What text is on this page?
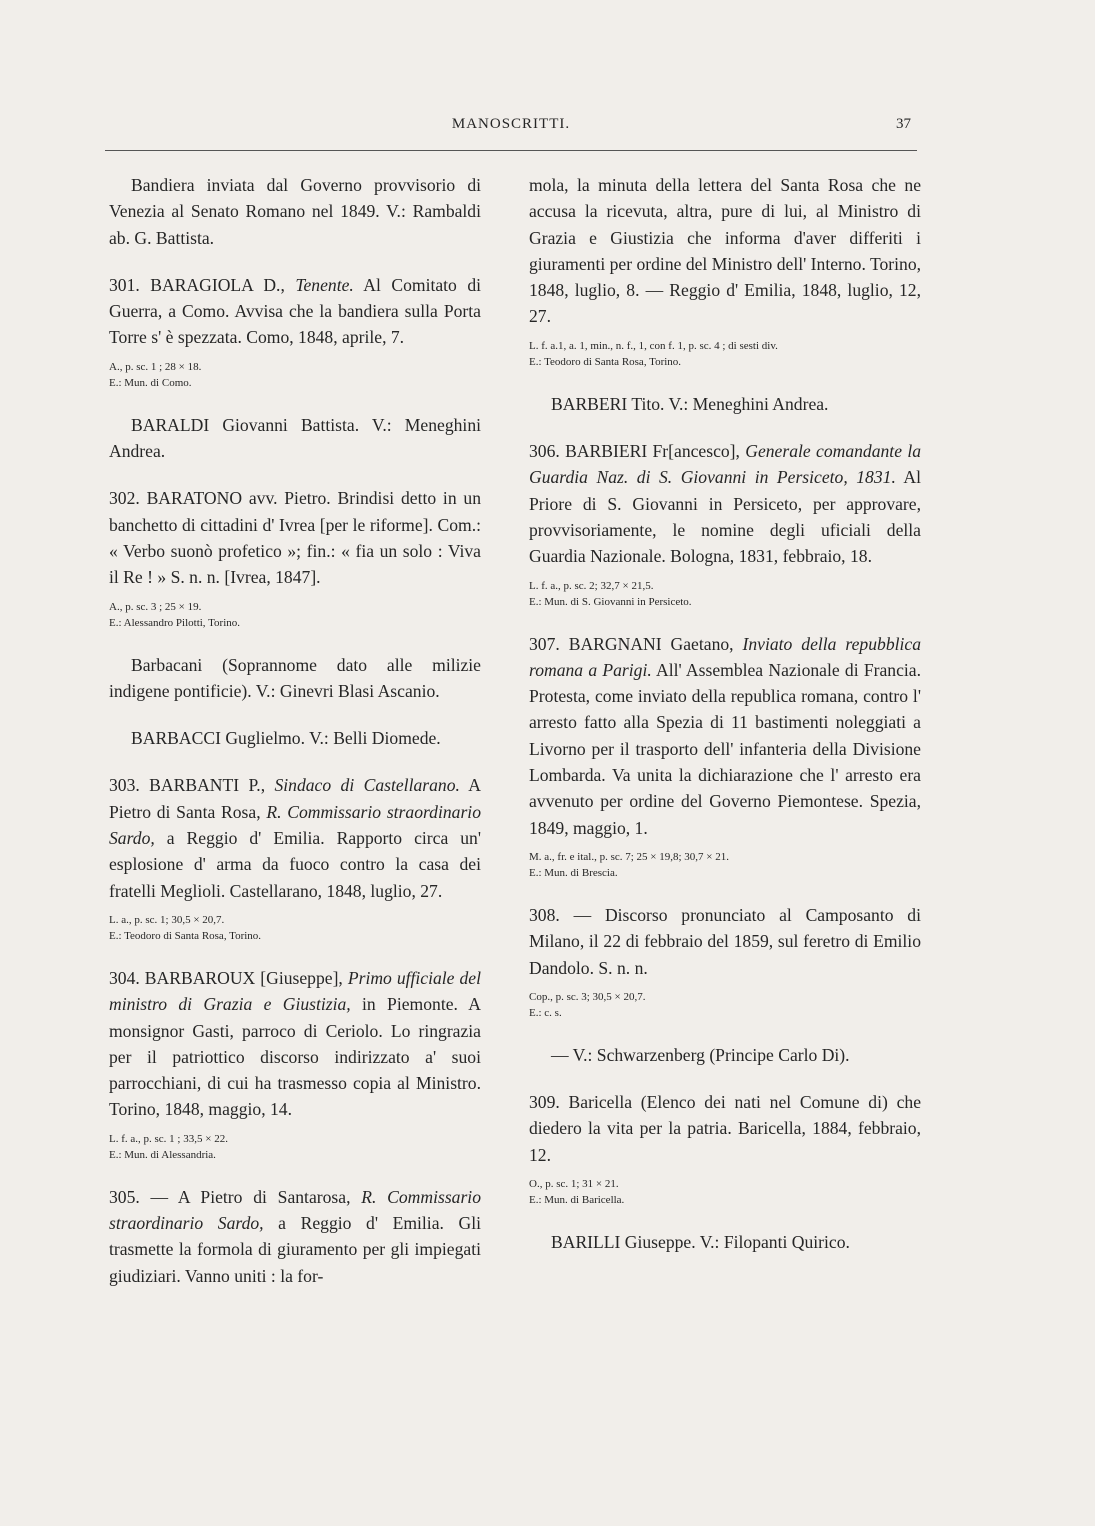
MANOSCRITTI.	37

Bandiera inviata dal Governo provvisorio di Venezia al Senato Romano nel 1849. V.: Rambaldi ab. G. Battista.

301. BARAGIOLA D., Tenente. Al Comitato di Guerra, a Como. Avvisa che la bandiera sulla Porta Torre s' è spezzata. Como, 1848, aprile, 7.

A., p. sc. 1 ; 28 × 18.
E.: Mun. di Como.

BARALDI Giovanni Battista. V.: Meneghini Andrea.

302. BARATONO avv. Pietro. Brindisi detto in un banchetto di cittadini d' Ivrea [per le riforme]. Com.: « Verbo suonò profetico »; fin.: « fia un solo : Viva il Re ! » S. n. n. [Ivrea, 1847].

A., p. sc. 3 ; 25 × 19.
E.: Alessandro Pilotti, Torino.

Barbacani (Soprannome dato alle milizie indigene pontificie). V.: Ginevri Blasi Ascanio.

BARBACCI Guglielmo. V.: Belli Diomede.

303. BARBANTI P., Sindaco di Castellarano. A Pietro di Santa Rosa, R. Commissario straordinario Sardo, a Reggio d' Emilia. Rapporto circa un' esplosione d' arma da fuoco contro la casa dei fratelli Meglioli. Castellarano, 1848, luglio, 27.

L. a., p. sc. 1; 30,5 × 20,7.
E.: Teodoro di Santa Rosa, Torino.

304. BARBAROUX [Giuseppe], Primo ufficiale del ministro di Grazia e Giustizia, in Piemonte. A monsignor Gasti, parroco di Ceriolo. Lo ringrazia per il patriottico discorso indirizzato a' suoi parrocchiani, di cui ha trasmesso copia al Ministro. Torino, 1848, maggio, 14.

L. f. a., p. sc. 1 ; 33,5 × 22.
E.: Mun. di Alessandria.

305. — A Pietro di Santarosa, R. Commissario straordinario Sardo, a Reggio d' Emilia. Gli trasmette la formola di giuramento per gli impiegati giudiziari. Vanno uniti : la for-

mola, la minuta della lettera del Santa Rosa che ne accusa la ricevuta, altra, pure di lui, al Ministro di Grazia e Giustizia che informa d'aver differiti i giuramenti per ordine del Ministro dell' Interno. Torino, 1848, luglio, 8. — Reggio d' Emilia, 1848, luglio, 12, 27.

L. f. a.1, a. 1, min., n. f., 1, con f. 1, p. sc. 4 ; di sesti div.
E.: Teodoro di Santa Rosa, Torino.

BARBERI Tito. V.: Meneghini Andrea.

306. BARBIERI Fr[ancesco], Generale comandante la Guardia Naz. di S. Giovanni in Persiceto, 1831. Al Priore di S. Giovanni in Persiceto, per approvare, provvisoriamente, le nomine degli uficiali della Guardia Nazionale. Bologna, 1831, febbraio, 18.

L. f. a., p. sc. 2; 32,7 × 21,5.
E.: Mun. di S. Giovanni in Persiceto.

307. BARGNANI Gaetano, Inviato della repubblica romana a Parigi. All' Assemblea Nazionale di Francia. Protesta, come inviato della republica romana, contro l' arresto fatto alla Spezia di 11 bastimenti noleggiati a Livorno per il trasporto dell' infanteria della Divisione Lombarda. Va unita la dichiarazione che l' arresto era avvenuto per ordine del Governo Piemontese. Spezia, 1849, maggio, 1.

M. a., fr. e ital., p. sc. 7; 25 × 19,8; 30,7 × 21.
E.: Mun. di Brescia.

308. — Discorso pronunciato al Camposanto di Milano, il 22 di febbraio del 1859, sul feretro di Emilio Dandolo. S. n. n.

Cop., p. sc. 3; 30,5 × 20,7.
E.: c. s.

— V.: Schwarzenberg (Principe Carlo Di).

309. Baricella (Elenco dei nati nel Comune di) che diedero la vita per la patria. Baricella, 1884, febbraio, 12.

O., p. sc. 1; 31 × 21.
E.: Mun. di Baricella.

BARILLI Giuseppe. V.: Filopanti Quirico.
